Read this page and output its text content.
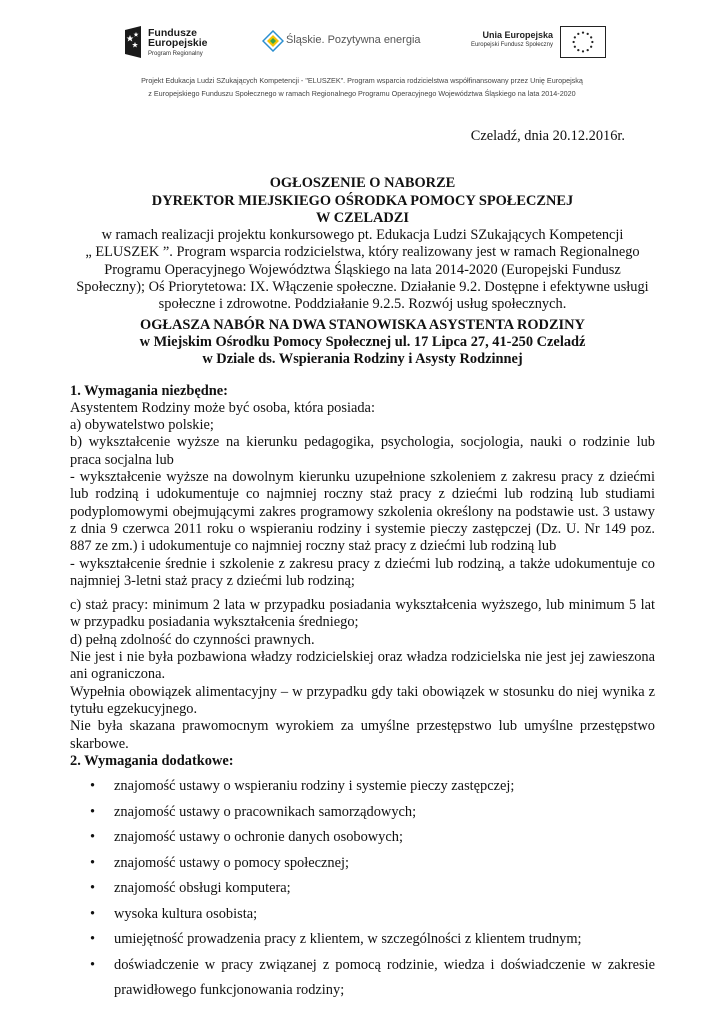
Fundusze
Europejskie
Program Regionalny
Śląskie. Pozytywna energia	Unia Europejska
Europejski Fundusz Społeczny
Projekt Edukacja Ludzi SZukających Kompetencji - "ELUSZEK". Program wsparcia rodzicielstwa współfinansowany przez Unię Europejską
z Europejskiego Funduszu Społecznego w ramach Regionalnego Programu Operacyjnego Województwa Śląskiego na lata 2014-2020
Czeladź, dnia 20.12.2016r.
OGŁOSZENIE O NABORZE
DYREKTOR MIEJSKIEGO OŚRODKA POMOCY SPOŁECZNEJ
W CZELADZI
w ramach realizacji projektu konkursowego pt. Edukacja Ludzi SZukających Kompetencji
„ ELUSZEK ”. Program wsparcia rodzicielstwa, który realizowany jest w ramach Regionalnego
Programu Operacyjnego Województwa Śląskiego na lata 2014-2020 (Europejski Fundusz
Społeczny); Oś Priorytetowa: IX. Włączenie społeczne. Działanie 9.2. Dostępne i efektywne usługi
społeczne i zdrowotne. Poddziałanie 9.2.5. Rozwój usług społecznych.
OGŁASZA NABÓR NA DWA STANOWISKA ASYSTENTA RODZINY
w Miejskim Ośrodku Pomocy Społecznej ul. 17 Lipca 27, 41-250 Czeladź
w Dziale ds. Wspierania Rodziny i Asysty Rodzinnej

1. Wymagania niezbędne:

Asystentem Rodziny może być osoba, która posiada:

a) obywatelstwo polskie;

b) wykształcenie wyższe na kierunku pedagogika, psychologia, socjologia, nauki o rodzinie lub praca socjalna lub

- wykształcenie wyższe na dowolnym kierunku uzupełnione szkoleniem z zakresu pracy z dziećmi lub rodziną i udokumentuje co najmniej roczny staż pracy z dziećmi lub rodziną lub studiami podyplomowymi obejmującymi zakres programowy szkolenia określony na podstawie ust. 3 ustawy z dnia 9 czerwca 2011 roku o wspieraniu rodziny i systemie pieczy zastępczej (Dz. U. Nr 149 poz. 887 ze zm.) i udokumentuje co najmniej roczny staż pracy z dziećmi lub rodziną lub

- wykształcenie średnie i szkolenie z zakresu pracy z dziećmi lub rodziną, a także udokumentuje co najmniej 3-letni staż pracy z dziećmi lub rodziną;

c) staż pracy: minimum 2 lata w przypadku posiadania wykształcenia wyższego, lub minimum 5 lat w przypadku posiadania wykształcenia średniego;

d) pełną zdolność do czynności prawnych.

Nie jest i nie była pozbawiona władzy rodzicielskiej oraz władza rodzicielska nie jest jej zawieszona ani ograniczona.

Wypełnia obowiązek alimentacyjny – w przypadku gdy taki obowiązek w stosunku do niej wynika z tytułu egzekucyjnego.

Nie była skazana prawomocnym wyrokiem za umyślne przestępstwo lub umyślne przestępstwo skarbowe.

2. Wymagania dodatkowe:

• znajomość ustawy o wspieraniu rodziny i systemie pieczy zastępczej;
• znajomość ustawy o pracownikach samorządowych;
• znajomość ustawy o ochronie danych osobowych;
• znajomość ustawy o pomocy społecznej;
• znajomość obsługi komputera;
• wysoka kultura osobista;
• umiejętność prowadzenia pracy z klientem, w szczególności z klientem trudnym;
• doświadczenie w pracy związanej z pomocą rodzinie, wiedza i doświadczenie w zakresie prawidłowego funkcjonowania rodziny;
